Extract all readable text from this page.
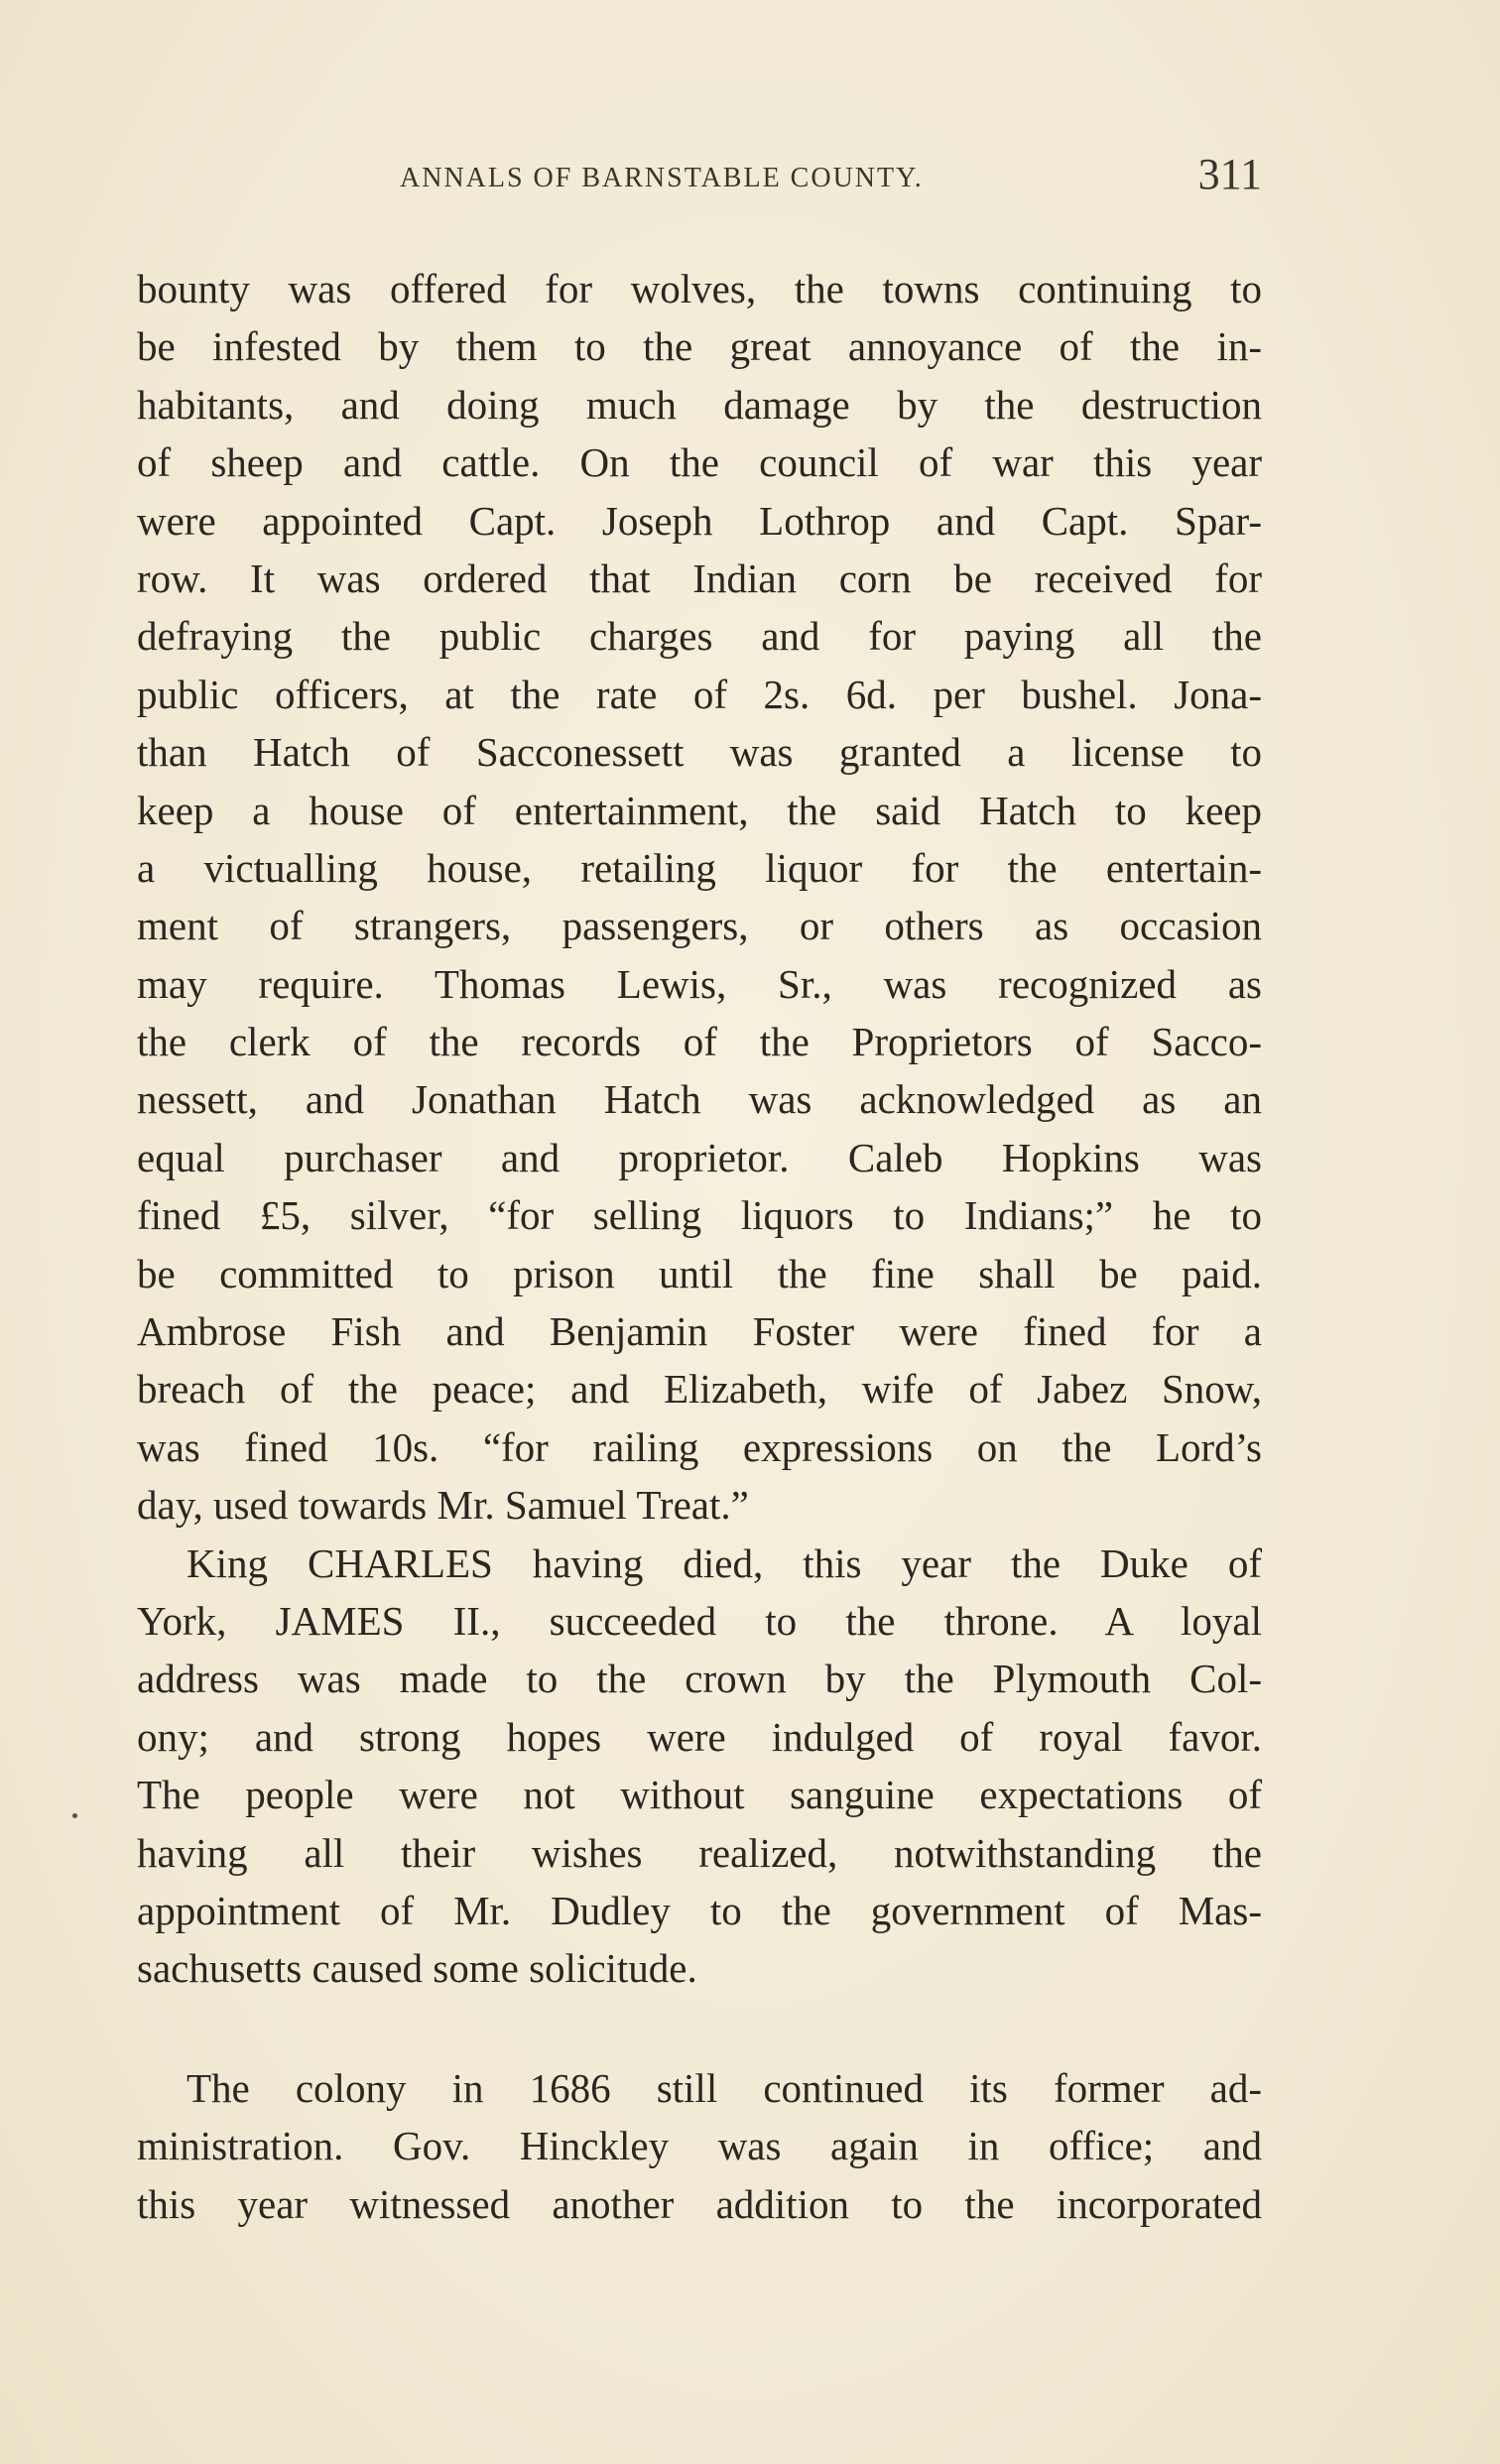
ANNALS OF BARNSTABLE COUNTY.	311
bounty was offered for wolves, the towns continuing to
be infested by them to the great annoyance of the in-
habitants, and doing much damage by the destruction
of sheep and cattle. On the council of war this year
were appointed Capt. Joseph Lothrop and Capt. Spar-
row. It was ordered that Indian corn be received for
defraying the public charges and for paying all the
public officers, at the rate of 2s. 6d. per bushel. Jona-
than Hatch of Sacconessett was granted a license to
keep a house of entertainment, the said Hatch to keep
a victualling house, retailing liquor for the entertain-
ment of strangers, passengers, or others as occasion
may require. Thomas Lewis, Sr., was recognized as
the clerk of the records of the Proprietors of Sacco-
nessett, and Jonathan Hatch was acknowledged as an
equal purchaser and proprietor. Caleb Hopkins was
fined £5, silver, “for selling liquors to Indians;” he to
be committed to prison until the fine shall be paid.
Ambrose Fish and Benjamin Foster were fined for a
breach of the peace; and Elizabeth, wife of Jabez Snow,
was fined 10s. “for railing expressions on the Lord’s
day, used towards Mr. Samuel Treat.”
King CHARLES having died, this year the Duke of
York, JAMES II., succeeded to the throne. A loyal
address was made to the crown by the Plymouth Col-
ony; and strong hopes were indulged of royal favor.
The people were not without sanguine expectations of
having all their wishes realized, notwithstanding the
appointment of Mr. Dudley to the government of Mas-
sachusetts caused some solicitude.
The colony in 1686 still continued its former ad-
ministration. Gov. Hinckley was again in office; and
this year witnessed another addition to the incorporated
